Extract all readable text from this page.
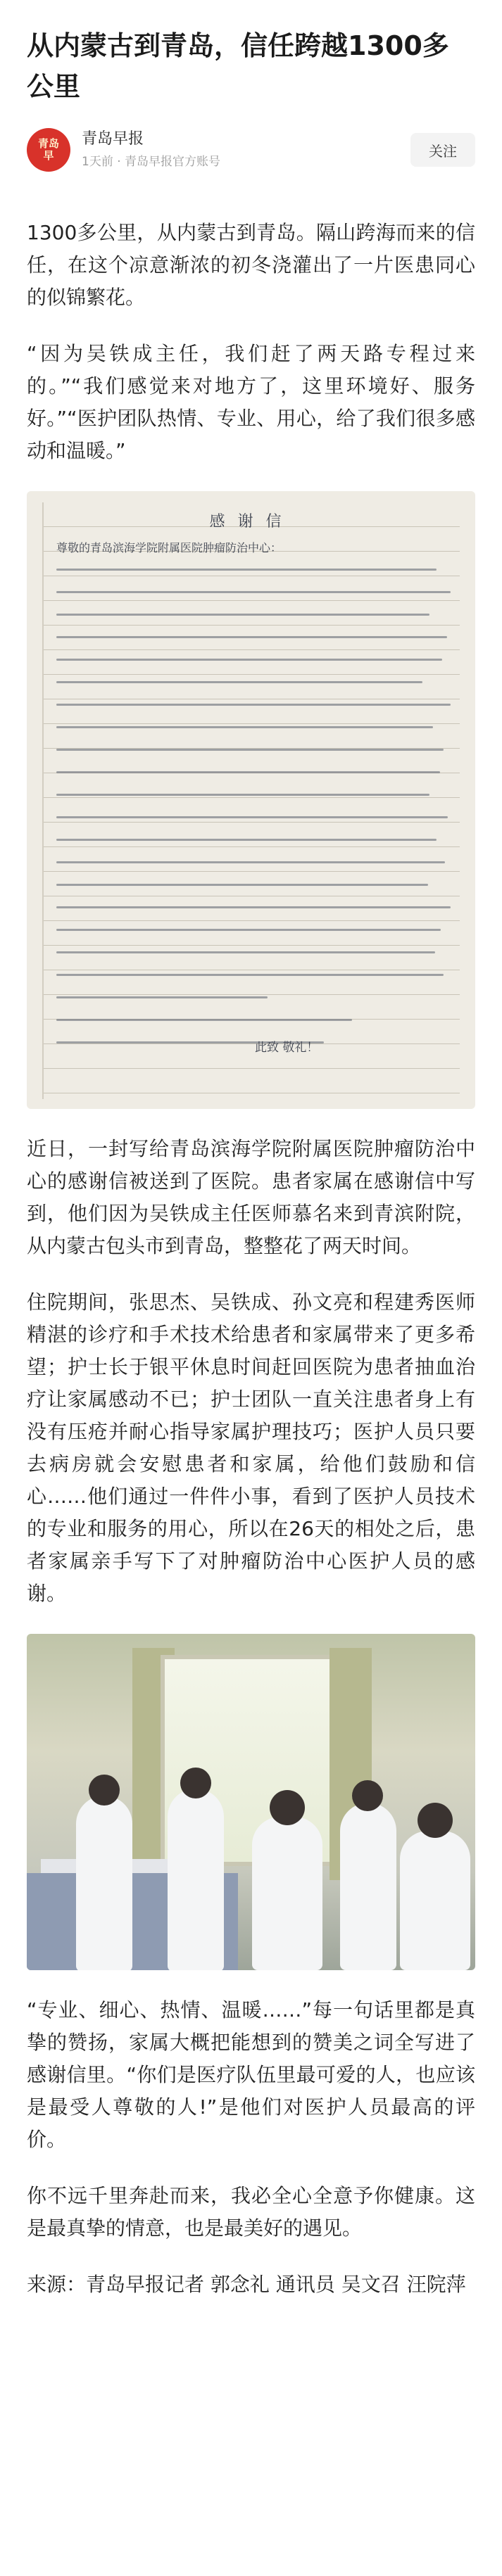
从内蒙古到青岛，信任跨越1300多公里
青岛
早
青岛早报
1天前 · 青岛早报官方账号
关注

1300多公里，从内蒙古到青岛。隔山跨海而来的信任，在这个凉意渐浓的初冬浇灌出了一片医患同心的似锦繁花。

“因为吴铁成主任，我们赶了两天路专程过来的。”“我们感觉来对地方了，这里环境好、服务好。”“医护团队热情、专业、用心，给了我们很多感动和温暖。”

感谢信
尊敬的青岛滨海学院附属医院肿瘤防治中心：
此致 敬礼！

近日，一封写给青岛滨海学院附属医院肿瘤防治中心的感谢信被送到了医院。患者家属在感谢信中写到，他们因为吴铁成主任医师慕名来到青滨附院，从内蒙古包头市到青岛，整整花了两天时间。

住院期间，张思杰、吴铁成、孙文亮和程建秀医师精湛的诊疗和手术技术给患者和家属带来了更多希望；护士长于银平休息时间赶回医院为患者抽血治疗让家属感动不已；护士团队一直关注患者身上有没有压疮并耐心指导家属护理技巧；医护人员只要去病房就会安慰患者和家属，给他们鼓励和信心……他们通过一件件小事，看到了医护人员技术的专业和服务的用心，所以在26天的相处之后，患者家属亲手写下了对肿瘤防治中心医护人员的感谢。

“专业、细心、热情、温暖……”每一句话里都是真挚的赞扬，家属大概把能想到的赞美之词全写进了感谢信里。“你们是医疗队伍里最可爱的人，也应该是最受人尊敬的人!”是他们对医护人员最高的评价。

你不远千里奔赴而来，我必全心全意予你健康。这是最真挚的情意，也是最美好的遇见。

来源：青岛早报记者 郭念礼 通讯员 吴文召 汪院萍
